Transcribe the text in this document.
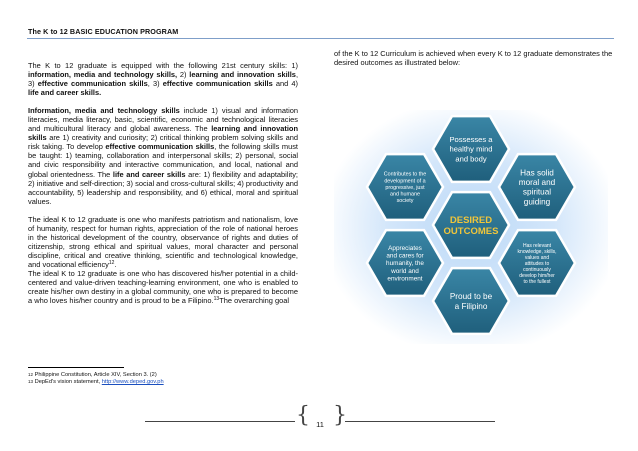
The K to 12 BASIC EDUCATION PROGRAM

The K to 12 graduate is equipped with the following 21st century skills: 1) information, media and technology skills, 2) learning and innovation skills, 3) effective communication skills, 3) effective communication skills and 4) life and career skills.

Information, media and technology skills include 1) visual and information literacies, media literacy, basic, scientific, economic and technological literacies and multicultural literacy and global awareness. The learning and innovation skills are 1) creativity and curiosity; 2) critical thinking problem solving skills and risk taking. To develop effective communication skills, the following skills must be taught: 1) teaming, collaboration and interpersonal skills; 2) personal, social and civic responsibility and interactive communication, and local, national and global orientedness. The life and career skills are: 1) flexibility and adaptability; 2) initiative and self-direction; 3) social and cross-cultural skills; 4) productivity and accountability, 5) leadership and responsibility, and 6) ethical, moral and spiritual values.

The ideal K to 12 graduate is one who manifests patriotism and nationalism, love of humanity, respect for human rights, appreciation of the role of national heroes in the historical development of the country, observance of rights and duties of citizenship, strong ethical and spiritual values, moral character and personal discipline, critical and creative thinking, scientific and technological knowledge, and vocational efficiency$^{12}$.

The ideal K to 12 graduate is one who has discovered his/her potential in a child-centered and value-driven teaching-learning environment, one who is enabled to create his/her own destiny in a global community, one who is prepared to become a who loves his/her country and is proud to be a Filipino.$^{13}$The overarching goal

of the K to 12 Curriculum is achieved when every K to 12 graduate demonstrates the desired outcomes as illustrated below:
DESIRED
OUTCOMES
Possesses a
healthy mind
and body
Contributes to the
development of a
progressive, just
and humane
society
Has solid
moral and
spiritual
guiding
Appreciates
and cares for
humanity, the
world and
environment
Has relevant
knowledge, skills,
values and
attitudes to
continuously
develop him/her
to the fullest
Proud to be
a Filipino
$^{12}$ Philippine Constitution, Article XIV, Section 3. (2)
$^{13}$ DepEd's vision statement, http://www.deped.gov.ph
{ 11 }
